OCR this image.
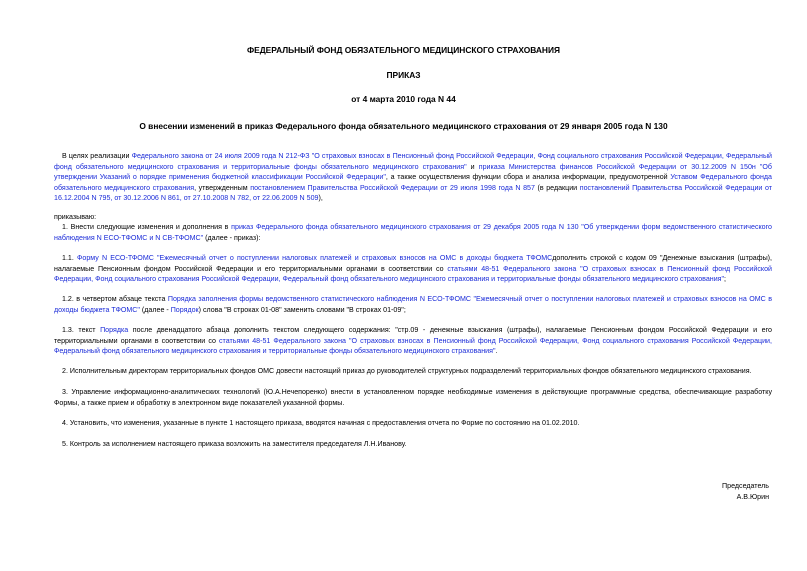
ФЕДЕРАЛЬНЫЙ ФОНД ОБЯЗАТЕЛЬНОГО МЕДИЦИНСКОГО СТРАХОВАНИЯ

ПРИКАЗ

от 4 марта 2010 года N 44

О внесении изменений в приказ Федерального фонда обязательного медицинского страхования от 29 января 2005 года N 130

В целях реализации Федерального закона от 24 июля 2009 года N 212-ФЗ "О страховых взносах в Пенсионный фонд Российской Федерации, Фонд социального страхования Российской Федерации, Федеральный фонд обязательного медицинского страхования и территориальные фонды обязательного медицинского страхования" и приказа Министерства финансов Российской Федерации от 30.12.2009 N 150н "Об утверждении Указаний о порядке применения бюджетной классификации Российской Федерации", а также осуществления функции сбора и анализа информации, предусмотренной Уставом Федерального фонда обязательного медицинского страхования, утвержденным постановлением Правительства Российской Федерации от 29 июля 1998 года N 857 (в редакции постановлений Правительства Российской Федерации от 16.12.2004 N 795, от 30.12.2006 N 861, от 27.10.2008 N 782, от 22.06.2009 N 509),

приказываю:

1. Внести следующие изменения и дополнения в приказ Федерального фонда обязательного медицинского страхования от 29 декабря 2005 года N 130 "Об утверждении форм ведомственного статистического наблюдения N ЕСО-ТФОМС и N СВ-ТФОМС" (далее - приказ):

1.1. Форму N ЕСО-ТФОМС "Ежемесячный отчет о поступлении налоговых платежей и страховых взносов на ОМС в доходы бюджета ТФОМСдополнить строкой с кодом 09 "Денежные взыскания (штрафы), налагаемые Пенсионным фондом Российской Федерации и его территориальными органами в соответствии со статьями 48-51 Федерального закона "О страховых взносах в Пенсионный фонд Российской Федерации, Фонд социального страхования Российской Федерации, Федеральный фонд обязательного медицинского страхования и территориальные фонды обязательного медицинского страхования";

1.2. в четвертом абзаце текста Порядка заполнения формы ведомственного статистического наблюдения N ЕСО-ТФОМС "Ежемесячный отчет о поступлении налоговых платежей и страховых взносов на ОМС в доходы бюджета ТФОМС" (далее - Порядок) слова "В строках 01-08" заменить словами "В строках 01-09";

1.3. текст Порядка после двенадцатого абзаца дополнить текстом следующего содержания: "стр.09 - денежные взыскания (штрафы), налагаемые Пенсионным фондом Российской Федерации и его территориальными органами в соответствии со статьями 48-51 Федерального закона "О страховых взносах в Пенсионный фонд Российской Федерации, Фонд социального страхования Российской Федерации, Федеральный фонд обязательного медицинского страхования и территориальные фонды обязательного медицинского страхования".

2. Исполнительным директорам территориальных фондов ОМС довести настоящий приказ до руководителей структурных подразделений территориальных фондов обязательного медицинского страхования.

3. Управление информационно-аналитических технологий (Ю.А.Нечепоренко) внести в установленном порядке необходимые изменения в действующие программные средства, обеспечивающие разработку Формы, а также прием и обработку в электронном виде показателей указанной формы.

4. Установить, что изменения, указанные в пункте 1 настоящего приказа, вводятся начиная с предоставления отчета по Форме по состоянию на 01.02.2010.

5. Контроль за исполнением настоящего приказа возложить на заместителя председателя Л.Н.Иванову.

Председатель
А.В.Юрин
